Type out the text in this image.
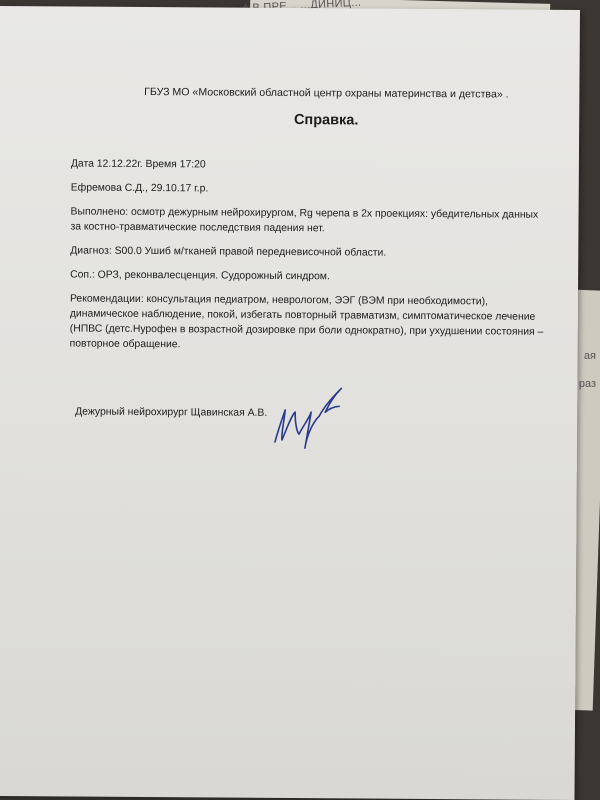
ая
раз
ГБУЗ МО «Московский областной центр охраны материнства и детства» .
Справка.

Дата 12.12.22г. Время 17:20

Ефремова С.Д., 29.10.17 г.р.

Выполнено: осмотр дежурным нейрохирургом, Rg черепа в 2х проекциях: убедительных данных

за костно-травматические последствия падения нет.

Диагноз: S00.0 Ушиб м/тканей правой передневисочной области.

Соп.: ОРЗ, реконвалесценция. Судорожный синдром.

Рекомендации: консультация педиатром, неврологом, ЭЭГ (ВЭМ при необходимости),

динамическое наблюдение, покой, избегать повторный травматизм, симптоматическое лечение

(НПВС (детс.Нурофен в возрастной дозировке при боли однократно), при ухудшении состояния –

повторное обращение.

Дежурный нейрохирург Щавинская А.В.
